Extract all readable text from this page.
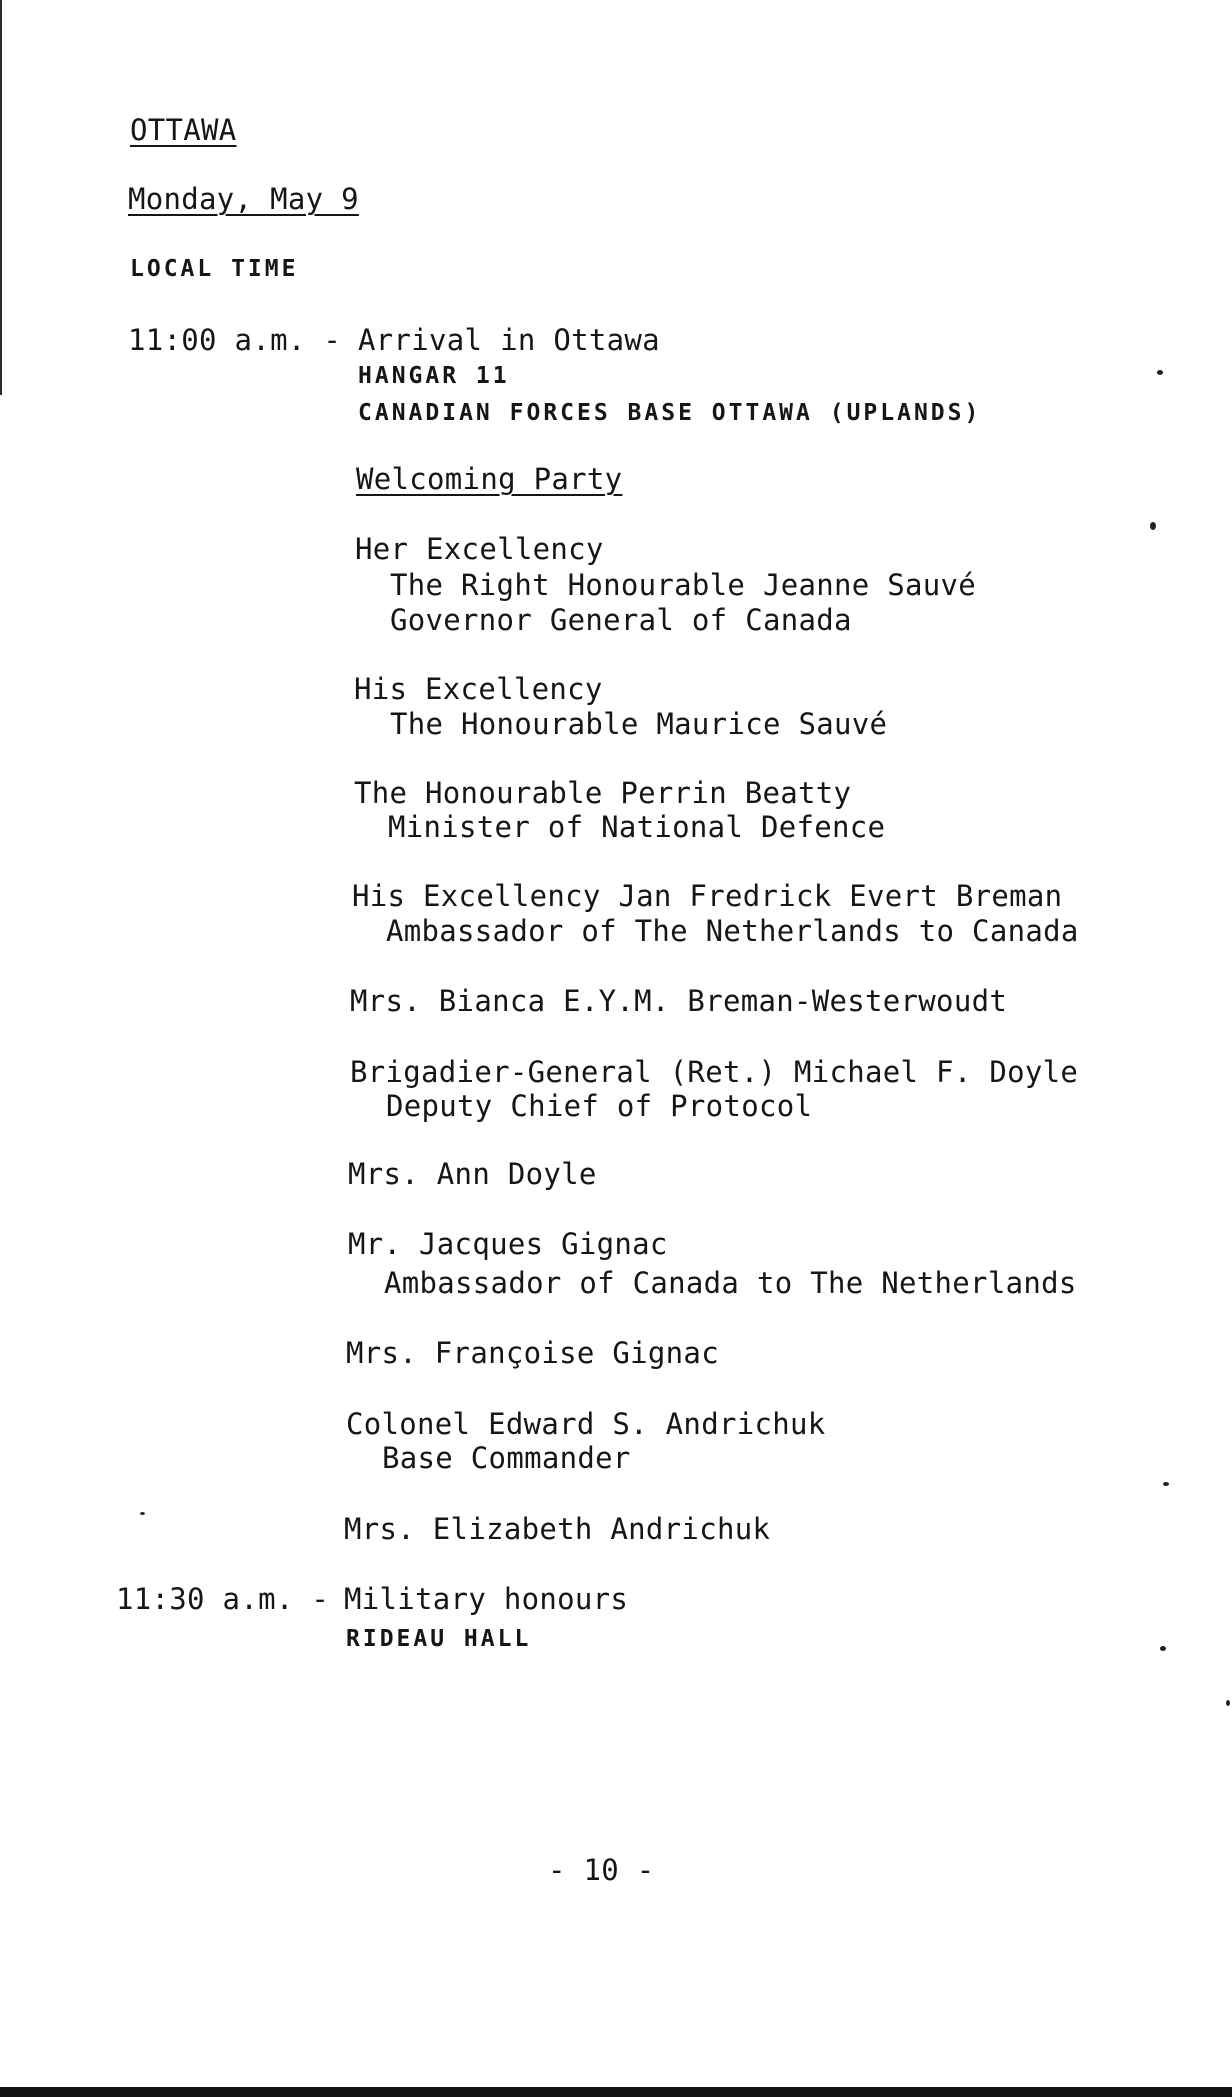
OTTAWA
Monday, May 9
LOCAL TIME
11:00 a.m. - Arrival in Ottawa
HANGAR 11
CANADIAN FORCES BASE OTTAWA (UPLANDS)
Welcoming Party
Her Excellency
The Right Honourable Jeanne Sauvé
Governor General of Canada
His Excellency
The Honourable Maurice Sauvé
The Honourable Perrin Beatty
Minister of National Defence
His Excellency Jan Fredrick Evert Breman
Ambassador of The Netherlands to Canada
Mrs. Bianca E.Y.M. Breman-Westerwoudt
Brigadier-General (Ret.) Michael F. Doyle
Deputy Chief of Protocol
Mrs. Ann Doyle
Mr. Jacques Gignac
Ambassador of Canada to The Netherlands
Mrs. Françoise Gignac
Colonel Edward S. Andrichuk
Base Commander
Mrs. Elizabeth Andrichuk
11:30 a.m. - Military honours
RIDEAU HALL
- 10 -
